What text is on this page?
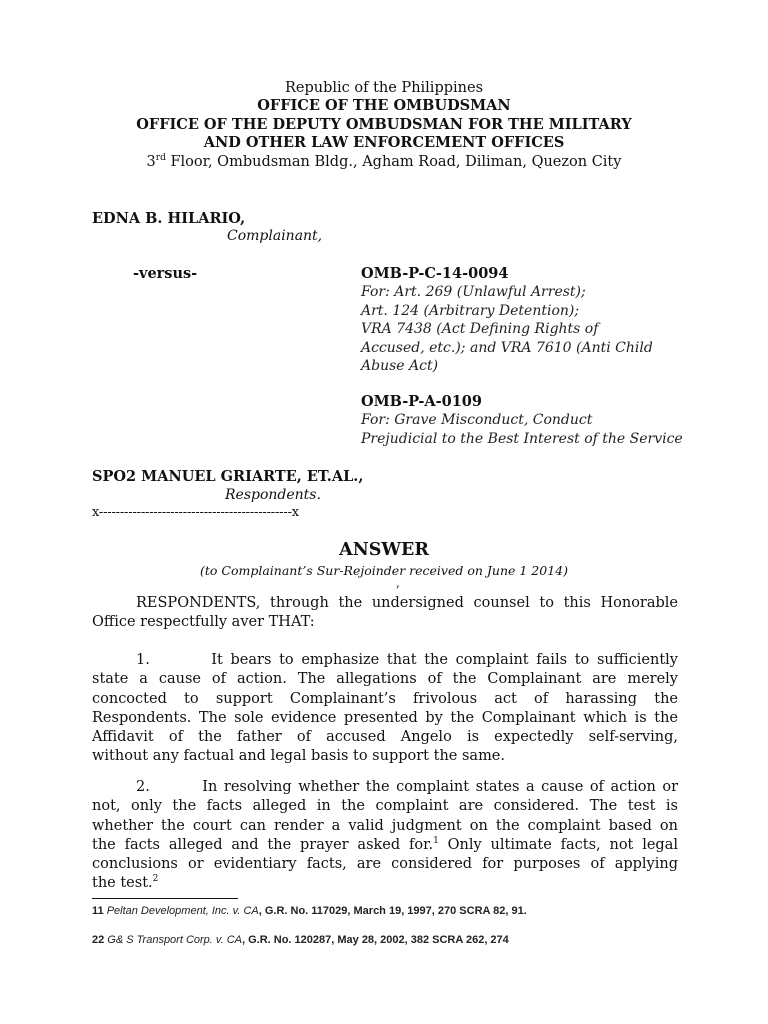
Republic of the Philippines
OFFICE OF THE OMBUDSMAN
OFFICE OF THE DEPUTY OMBUDSMAN FOR THE MILITARY
AND OTHER LAW ENFORCEMENT OFFICES
3rd Floor, Ombudsman Bldg., Agham Road, Diliman, Quezon City
EDNA B. HILARIO,
Complainant,
-versus-	OMB-P-C-14-0094
For: Art. 269 (Unlawful Arrest);
Art. 124 (Arbitrary Detention);
VRA 7438 (Act Defining Rights of
Accused, etc.); and VRA 7610 (Anti Child
Abuse Act)
OMB-P-A-0109
For: Grave Misconduct, Conduct
Prejudicial to the Best Interest of the Service
SPO2 MANUEL GRIARTE, ET.AL.,
Respondents.
x----------------------------------------------x
ANSWER
(to Complainant’s Sur-Rejoinder received on June 1 2014)
,
RESPONDENTS, through the undersigned counsel to this Honorable
Office respectfully aver THAT:
1.        It bears to emphasize that the complaint fails to sufficiently
state a cause of action. The allegations of the Complainant are merely
concocted to support Complainant’s frivolous act of harassing the
Respondents. The sole evidence presented by the Complainant which is the
Affidavit of the father of accused Angelo is expectedly self-serving,
without any factual and legal basis to support the same.
2.        In resolving whether the complaint states a cause of action or
not, only the facts alleged in the complaint are considered. The test is
whether the court can render a valid judgment on the complaint based on
the facts alleged and the prayer asked for.$^1$ Only ultimate facts, not legal
conclusions or evidentiary facts, are considered for purposes of applying
the test.$^2$
11 Peltan Development, Inc. v. CA, G.R. No. 117029, March 19, 1997, 270 SCRA 82, 91.
22 G& S Transport Corp. v. CA, G.R. No. 120287, May 28, 2002, 382 SCRA 262, 274
